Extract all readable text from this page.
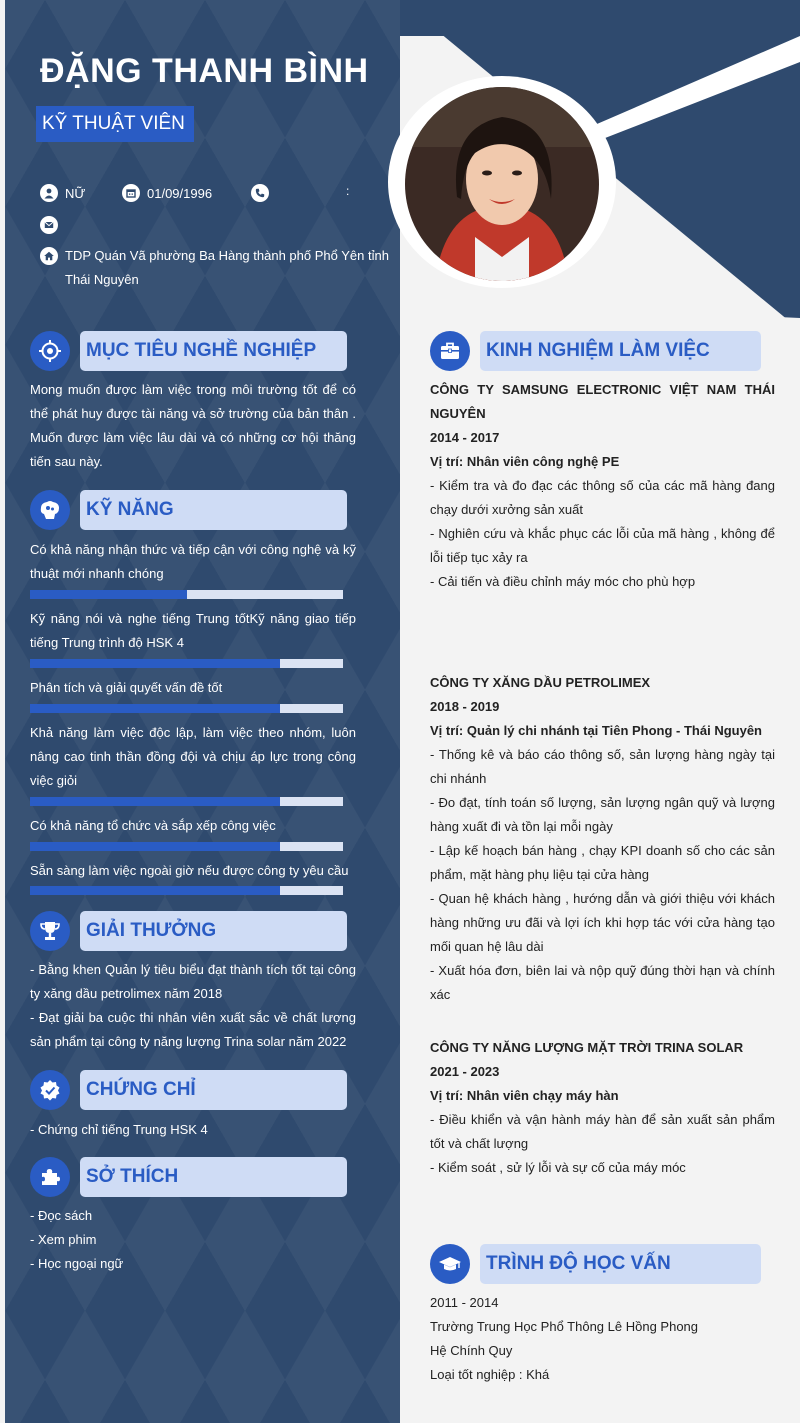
ĐẶNG THANH BÌNH
KỸ THUẬT VIÊN
NỮ	01/09/1996	:
TDP Quán Vã phường Ba Hàng thành phố Phổ Yên tỉnh Thái Nguyên
MỤC TIÊU NGHỀ NGHIỆP
Mong muốn được làm việc trong môi trường tốt để có thể phát huy được tài năng và sở trường của bản thân . Muốn được làm việc lâu dài và có những cơ hội thăng tiến sau này.
KỸ NĂNG
Có khả năng nhận thức và tiếp cận với công nghệ và kỹ thuật mới nhanh chóng
Kỹ năng nói và nghe tiếng Trung tốtKỹ năng giao tiếp tiếng Trung trình độ HSK 4
Phân tích và giải quyết vấn đề tốt
Khả năng làm việc độc lập, làm việc theo nhóm, luôn nâng cao tinh thần đồng đội và chịu áp lực trong công việc giỏi
Có khả năng tổ chức và sắp xếp công việc
Sẵn sàng làm việc ngoài giờ nếu được công ty yêu cầu
GIẢI THƯỞNG
- Bằng khen Quản lý tiêu biểu đạt thành tích tốt tại công ty xăng dầu petrolimex năm 2018
- Đạt giải ba cuộc thi nhân viên xuất sắc về chất lượng sản phẩm tại công ty năng lượng Trina solar năm 2022
CHỨNG CHỈ
- Chứng chỉ tiếng Trung HSK 4
SỞ THÍCH
- Đọc sách
- Xem phim
- Học ngoại ngữ
KINH NGHIỆM LÀM VIỆC
CÔNG TY SAMSUNG ELECTRONIC VIỆT NAM THÁI NGUYÊN
2014 - 2017
Vị trí: Nhân viên công nghệ PE
- Kiểm tra và đo đạc các thông số của các mã hàng đang chạy dưới xưởng sản xuất
- Nghiên cứu và khắc phục các lỗi của mã hàng , không để lỗi tiếp tục xảy ra
- Cải tiến và điều chỉnh máy móc cho phù hợp
CÔNG TY XĂNG DẦU PETROLIMEX
2018 - 2019
Vị trí: Quản lý chi nhánh tại Tiên Phong - Thái Nguyên
- Thống kê và báo cáo thông số, sản lượng hàng ngày tại chi nhánh
- Đo đạt, tính toán số lượng, sản lượng ngân quỹ và lượng hàng xuất đi và tồn lại mỗi ngày
- Lập kế hoạch bán hàng , chạy KPI doanh số cho các sản phẩm, mặt hàng phụ liệu tại cửa hàng
- Quan hệ khách hàng , hướng dẫn và giới thiệu với khách hàng những ưu đãi và lợi ích khi hợp tác với cửa hàng tạo mối quan hệ lâu dài
- Xuất hóa đơn, biên lai và nộp quỹ đúng thời hạn và chính xác
CÔNG TY NĂNG LƯỢNG MẶT TRỜI TRINA SOLAR
2021 - 2023
Vị trí: Nhân viên chạy máy hàn
- Điều khiển và vận hành máy hàn để sản xuất sản phẩm tốt và chất lượng
- Kiểm soát , sử lý lỗi và sự cố của máy móc
TRÌNH ĐỘ HỌC VẤN
2011 - 2014
Trường Trung Học Phổ Thông Lê Hồng Phong
Hệ Chính Quy
Loại tốt nghiệp : Khá
